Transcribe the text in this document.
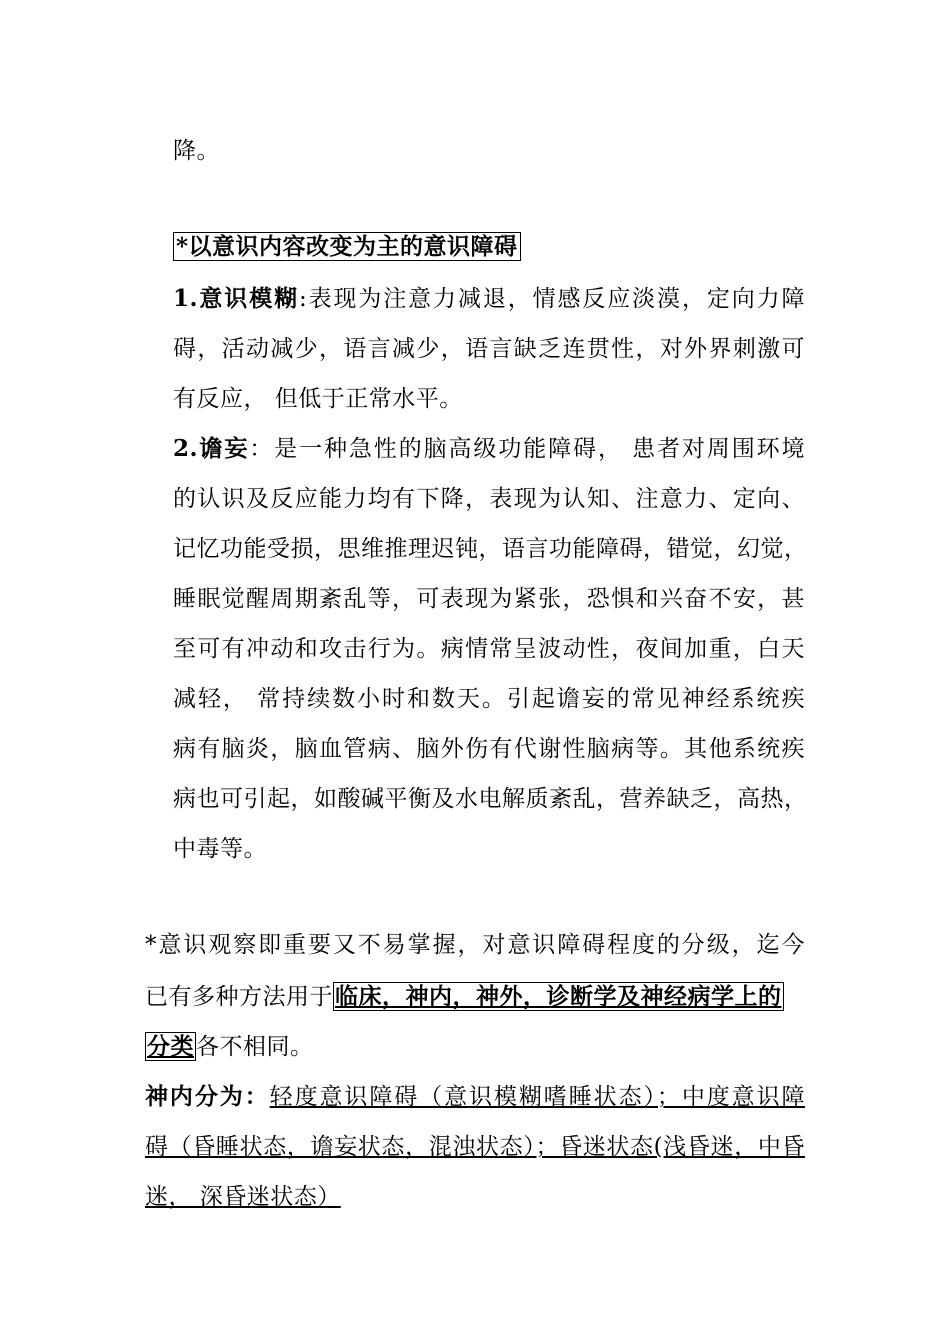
降。
*以意识内容改变为主的意识障碍
1.意识模糊:表现为注意力减退，情感反应淡漠，定向力障
碍，活动减少，语言减少，语言缺乏连贯性，对外界刺激可
有反应， 但低于正常水平。
2.谵妄：是一种急性的脑高级功能障碍， 患者对周围环境
的认识及反应能力均有下降，表现为认知、注意力、定向、
记忆功能受损，思维推理迟钝，语言功能障碍，错觉，幻觉，
睡眠觉醒周期紊乱等，可表现为紧张，恐惧和兴奋不安，甚
至可有冲动和攻击行为。病情常呈波动性，夜间加重，白天
减轻， 常持续数小时和数天。引起谵妄的常见神经系统疾
病有脑炎，脑血管病、脑外伤有代谢性脑病等。其他系统疾
病也可引起，如酸碱平衡及水电解质紊乱，营养缺乏，高热，
中毒等。
*意识观察即重要又不易掌握，对意识障碍程度的分级，迄今
已有多种方法用于临床，神内，神外，诊断学及神经病学上的
分类各不相同。
神内分为：轻度意识障碍（意识模糊嗜睡状态）；中度意识障
碍（昏睡状态，谵妄状态，混浊状态）；昏迷状态(浅昏迷，中昏
迷， 深昏迷状态）
